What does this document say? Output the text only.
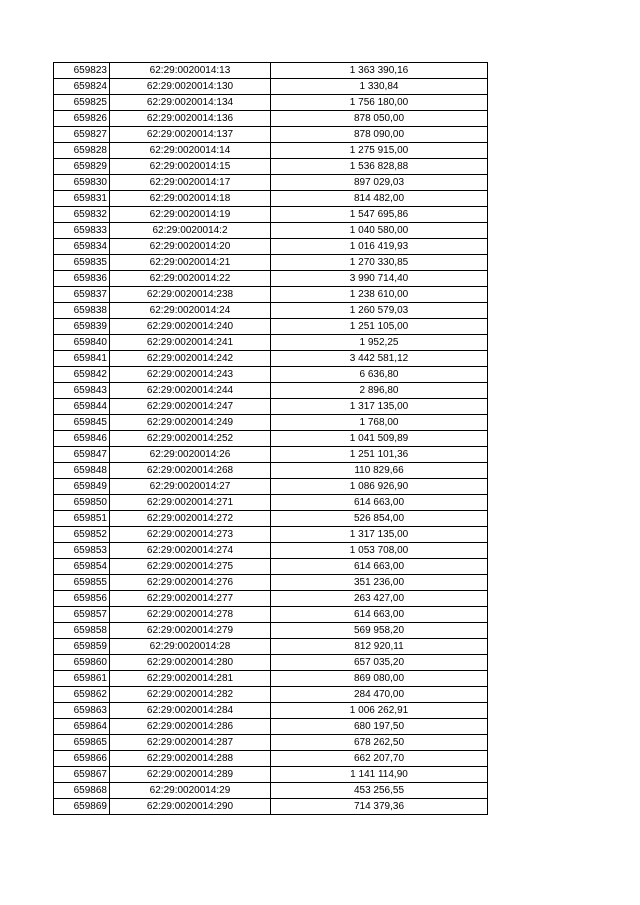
659823	62:29:0020014:13	1 363 390,16
659824	62:29:0020014:130	1 330,84
659825	62:29:0020014:134	1 756 180,00
659826	62:29:0020014:136	878 050,00
659827	62:29:0020014:137	878 090,00
659828	62:29:0020014:14	1 275 915,00
659829	62:29:0020014:15	1 536 828,88
659830	62:29:0020014:17	897 029,03
659831	62:29:0020014:18	814 482,00
659832	62:29:0020014:19	1 547 695,86
659833	62:29:0020014:2	1 040 580,00
659834	62:29:0020014:20	1 016 419,93
659835	62:29:0020014:21	1 270 330,85
659836	62:29:0020014:22	3 990 714,40
659837	62:29:0020014:238	1 238 610,00
659838	62:29:0020014:24	1 260 579,03
659839	62:29:0020014:240	1 251 105,00
659840	62:29:0020014:241	1 952,25
659841	62:29:0020014:242	3 442 581,12
659842	62:29:0020014:243	6 636,80
659843	62:29:0020014:244	2 896,80
659844	62:29:0020014:247	1 317 135,00
659845	62:29:0020014:249	1 768,00
659846	62:29:0020014:252	1 041 509,89
659847	62:29:0020014:26	1 251 101,36
659848	62:29:0020014:268	110 829,66
659849	62:29:0020014:27	1 086 926,90
659850	62:29:0020014:271	614 663,00
659851	62:29:0020014:272	526 854,00
659852	62:29:0020014:273	1 317 135,00
659853	62:29:0020014:274	1 053 708,00
659854	62:29:0020014:275	614 663,00
659855	62:29:0020014:276	351 236,00
659856	62:29:0020014:277	263 427,00
659857	62:29:0020014:278	614 663,00
659858	62:29:0020014:279	569 958,20
659859	62:29:0020014:28	812 920,11
659860	62:29:0020014:280	657 035,20
659861	62:29:0020014:281	869 080,00
659862	62:29:0020014:282	284 470,00
659863	62:29:0020014:284	1 006 262,91
659864	62:29:0020014:286	680 197,50
659865	62:29:0020014:287	678 262,50
659866	62:29:0020014:288	662 207,70
659867	62:29:0020014:289	1 141 114,90
659868	62:29:0020014:29	453 256,55
659869	62:29:0020014:290	714 379,36
